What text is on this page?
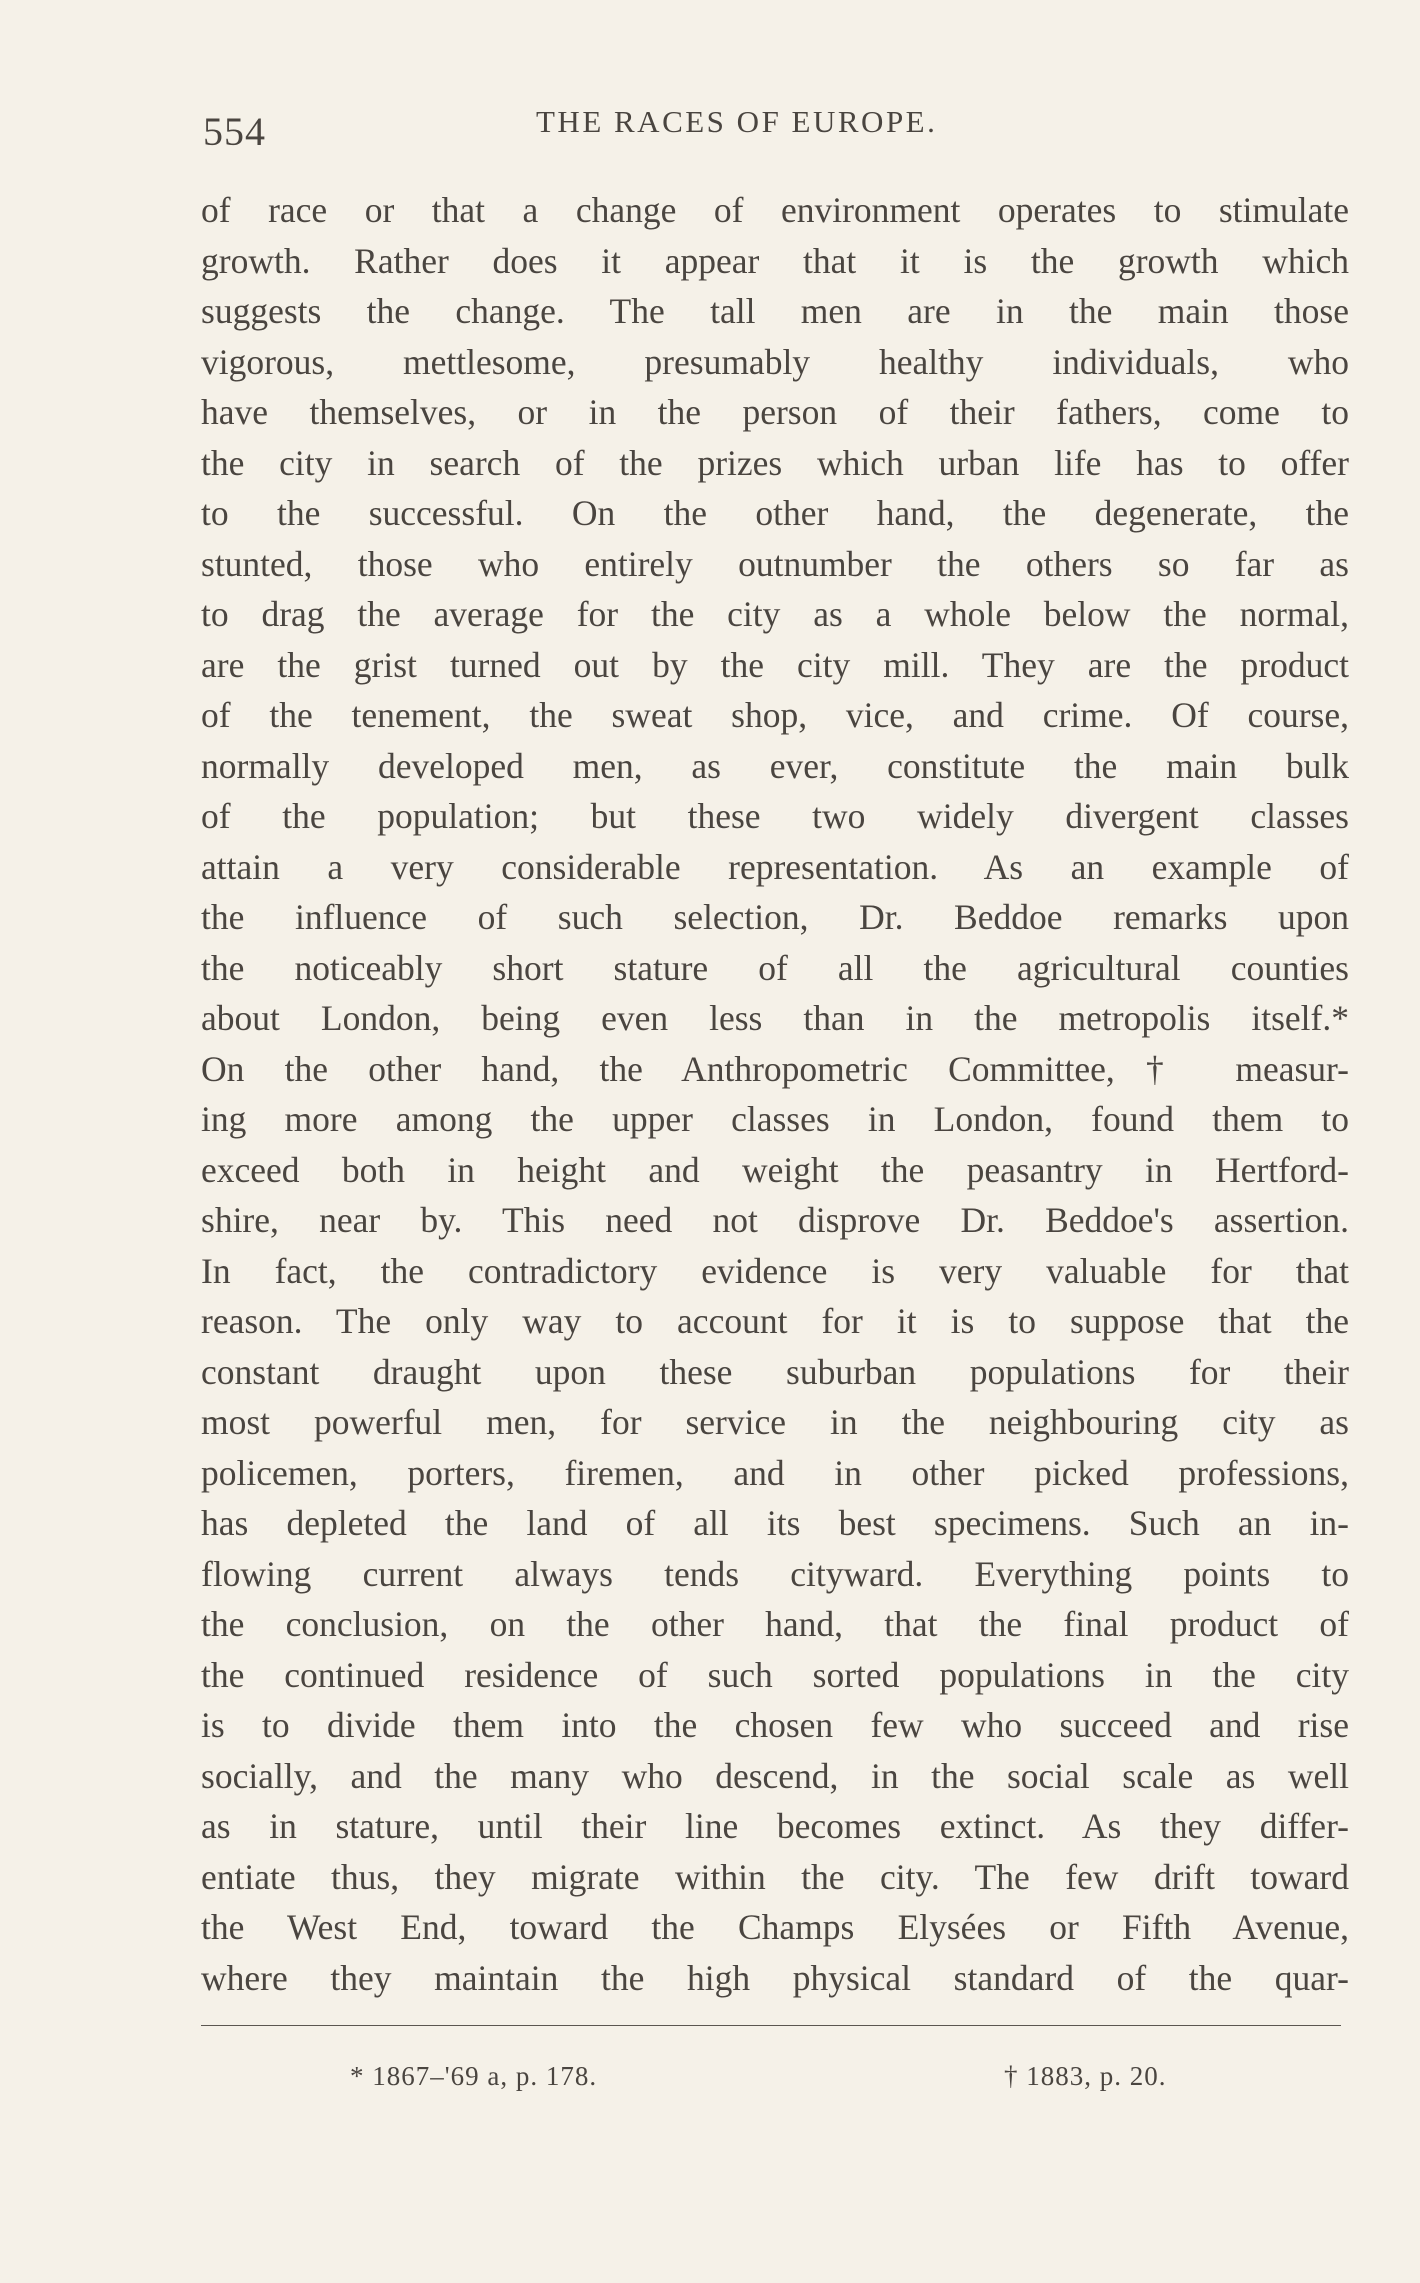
554	THE RACES OF EUROPE.
of race or that a change of environment operates to stimulate
growth. Rather does it appear that it is the growth which
suggests the change. The tall men are in the main those
vigorous, mettlesome, presumably healthy individuals, who
have themselves, or in the person of their fathers, come to
the city in search of the prizes which urban life has to offer
to the successful. On the other hand, the degenerate, the
stunted, those who entirely outnumber the others so far as
to drag the average for the city as a whole below the normal,
are the grist turned out by the city mill. They are the product
of the tenement, the sweat shop, vice, and crime. Of course,
normally developed men, as ever, constitute the main bulk
of the population; but these two widely divergent classes
attain a very considerable representation. As an example of
the influence of such selection, Dr. Beddoe remarks upon
the noticeably short stature of all the agricultural counties
about London, being even less than in the metropolis itself.*
On the other hand, the Anthropometric Committee,† measur-
ing more among the upper classes in London, found them to
exceed both in height and weight the peasantry in Hertford-
shire, near by. This need not disprove Dr. Beddoe's assertion.
In fact, the contradictory evidence is very valuable for that
reason. The only way to account for it is to suppose that the
constant draught upon these suburban populations for their
most powerful men, for service in the neighbouring city as
policemen, porters, firemen, and in other picked professions,
has depleted the land of all its best specimens. Such an in-
flowing current always tends cityward. Everything points to
the conclusion, on the other hand, that the final product of
the continued residence of such sorted populations in the city
is to divide them into the chosen few who succeed and rise
socially, and the many who descend, in the social scale as well
as in stature, until their line becomes extinct. As they differ-
entiate thus, they migrate within the city. The few drift toward
the West End, toward the Champs Elysées or Fifth Avenue,
where they maintain the high physical standard of the quar-
* 1867–'69 a, p. 178.	† 1883, p. 20.
